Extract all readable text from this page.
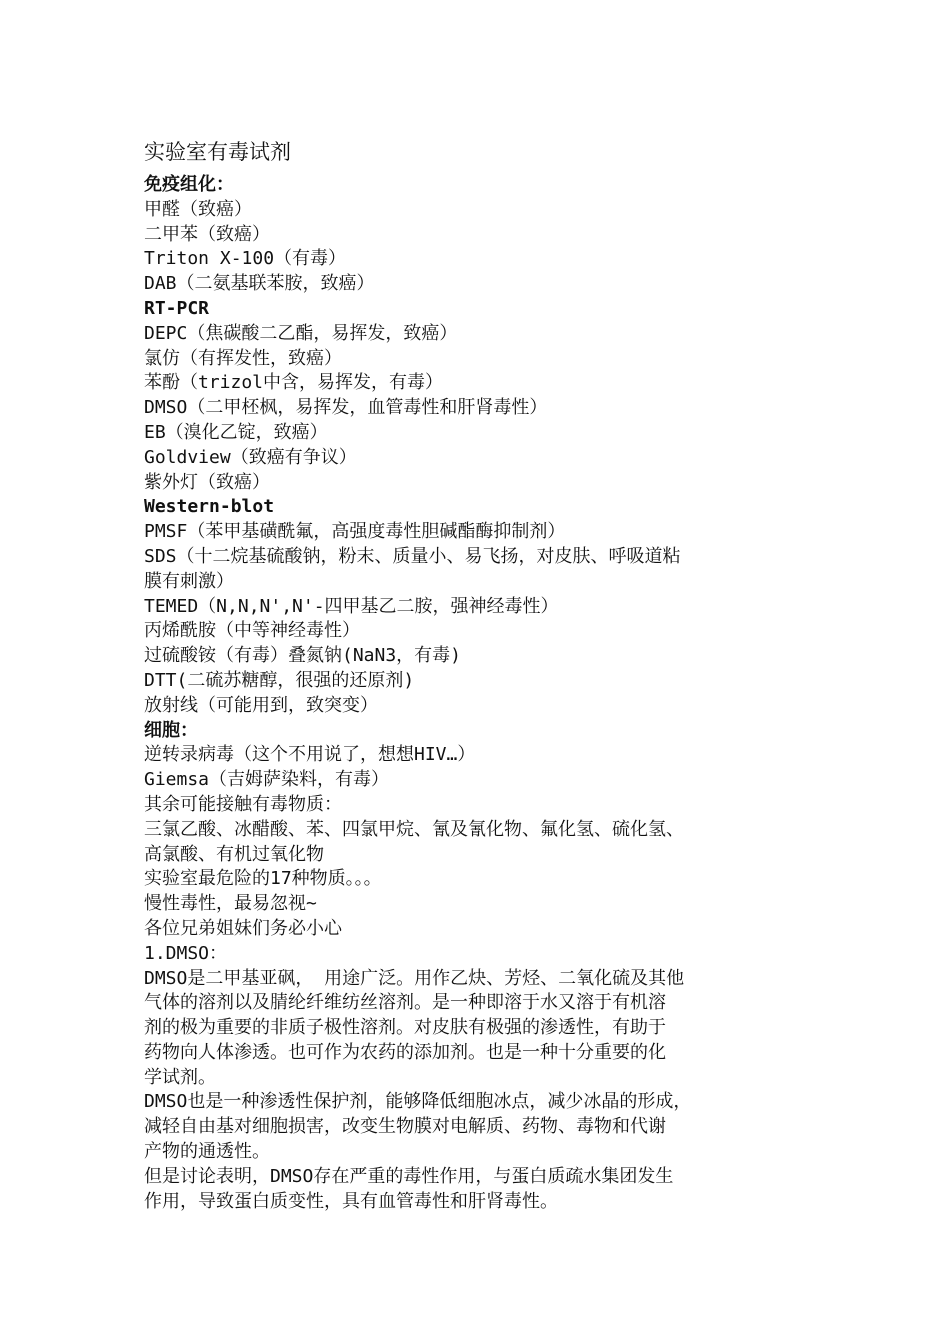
实验室有毒试剂
免疫组化：
甲醛（致癌）
二甲苯（致癌）
Triton X-100（有毒）
DAB（二氨基联苯胺，致癌）
RT-PCR
DEPC（焦碳酸二乙酯，易挥发，致癌）
氯仿（有挥发性，致癌）
苯酚（trizol中含，易挥发，有毒）
DMSO（二甲柸枫，易挥发，血管毒性和肝肾毒性）
EB（溴化乙锭，致癌）
Goldview（致癌有争议）
紫外灯（致癌）
Western-blot
PMSF（苯甲基磺酰氟，高强度毒性胆碱酯酶抑制剂）
SDS（十二烷基硫酸钠，粉末、质量小、易飞扬，对皮肤、呼吸道粘
膜有刺激）
TEMED（N,N,N',N'-四甲基乙二胺，强神经毒性）
丙烯酰胺（中等神经毒性）
过硫酸铵（有毒）叠氮钠(NaN3，有毒)
DTT(二硫苏糖醇，很强的还原剂)
放射线（可能用到，致突变）
细胞：
逆转录病毒（这个不用说了，想想HIV…）
Giemsa（吉姆萨染料，有毒）
其余可能接触有毒物质：
三氯乙酸、冰醋酸、苯、四氯甲烷、氰及氰化物、氟化氢、硫化氢、
高氯酸、有机过氧化物
实验室最危险的17种物质。。。
慢性毒性，最易忽视~
各位兄弟姐妹们务必小心
1.DMSO：
DMSO是二甲基亚砜， 用途广泛。用作乙炔、芳烃、二氧化硫及其他
气体的溶剂以及腈纶纤维纺丝溶剂。是一种即溶于水又溶于有机溶
剂的极为重要的非质子极性溶剂。对皮肤有极强的渗透性，有助于
药物向人体渗透。也可作为农药的添加剂。也是一种十分重要的化
学试剂。
DMSO也是一种渗透性保护剂，能够降低细胞冰点，减少冰晶的形成，
减轻自由基对细胞损害，改变生物膜对电解质、药物、毒物和代谢
产物的通透性。
但是讨论表明，DMSO存在严重的毒性作用，与蛋白质疏水集团发生
作用，导致蛋白质变性，具有血管毒性和肝肾毒性。
